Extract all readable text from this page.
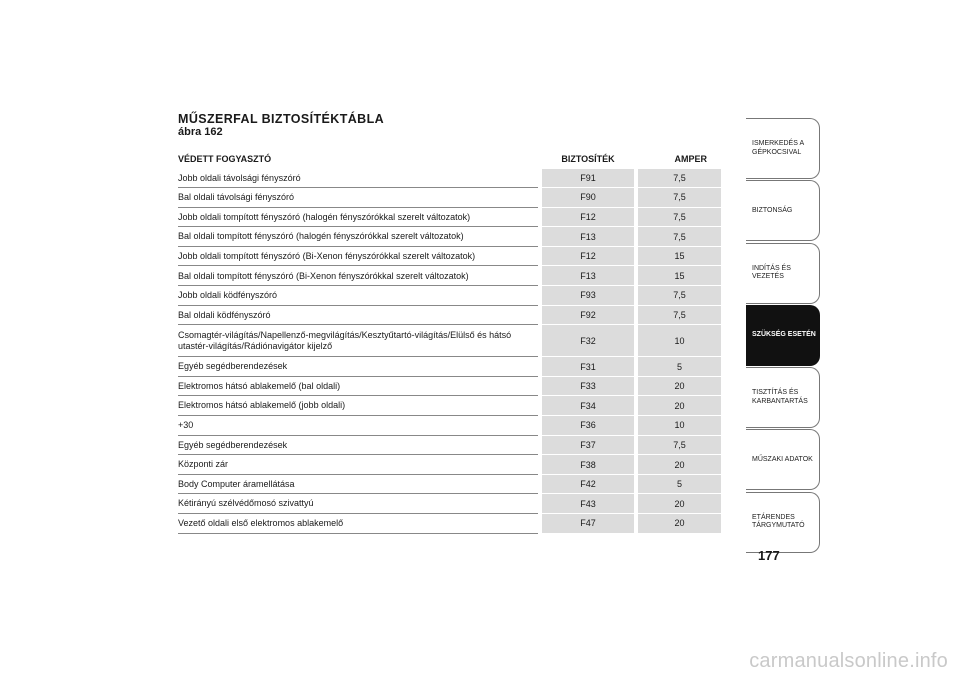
MŰSZERFAL BIZTOSÍTÉKTÁBLA
ábra 162
VÉDETT FOGYASZTÓ	BIZTOSÍTÉK	AMPER
Jobb oldali távolsági fényszóró	F91	7,5
Bal oldali távolsági fényszóró	F90	7,5
Jobb oldali tompított fényszóró (halogén fényszórókkal szerelt változatok)	F12	7,5
Bal oldali tompított fényszóró (halogén fényszórókkal szerelt változatok)	F13	7,5
Jobb oldali tompított fényszóró (Bi-Xenon fényszórókkal szerelt változatok)	F12	15
Bal oldali tompított fényszóró (Bi-Xenon fényszórókkal szerelt változatok)	F13	15
Jobb oldali ködfényszóró	F93	7,5
Bal oldali ködfényszóró	F92	7,5
Csomagtér-világítás/Napellenző-megvilágítás/Kesztyűtartó-világítás/Elülső és hátsó utastér-világítás/Rádiónavigátor kijelző	F32	10
Egyéb segédberendezések	F31	5
Elektromos hátsó ablakemelő (bal oldali)	F33	20
Elektromos hátsó ablakemelő (jobb oldali)	F34	20
+30	F36	10
Egyéb segédberendezések	F37	7,5
Központi zár	F38	20
Body Computer áramellátása	F42	5
Kétirányú szélvédőmosó szivattyú	F43	20
Vezető oldali első elektromos ablakemelő	F47	20
ISMERKEDÉS A GÉPKOCSIVAL
BIZTONSÁG
INDÍTÁS ÉS VEZETÉS
SZÜKSÉG ESETÉN
TISZTÍTÁS ÉS KARBANTARTÁS
MŰSZAKI ADATOK
ETÁRENDES TÁRGYMUTATÓ
177
carmanualsonline.info
